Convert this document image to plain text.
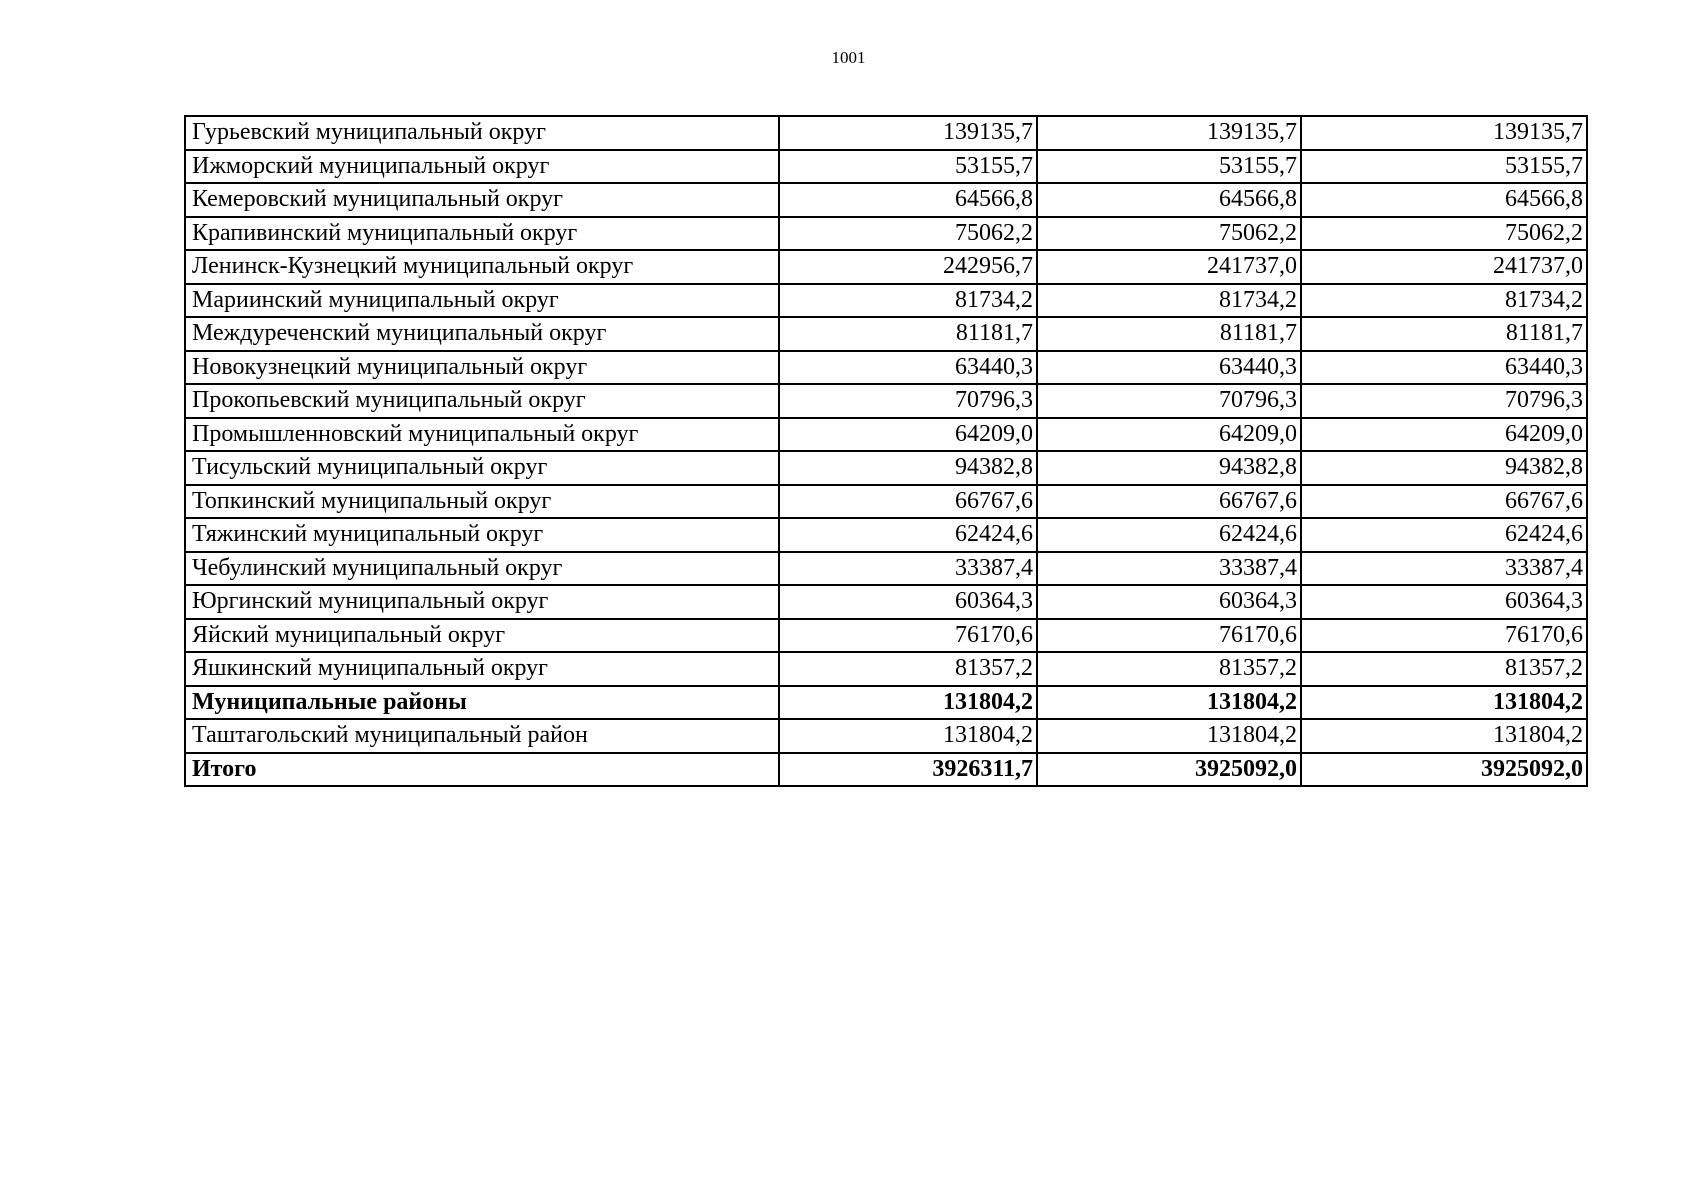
1001
Гурьевский муниципальный округ	139135,7	139135,7	139135,7
Ижморский муниципальный округ	53155,7	53155,7	53155,7
Кемеровский муниципальный округ	64566,8	64566,8	64566,8
Крапивинский муниципальный округ	75062,2	75062,2	75062,2
Ленинск-Кузнецкий муниципальный округ	242956,7	241737,0	241737,0
Мариинский муниципальный округ	81734,2	81734,2	81734,2
Междуреченский муниципальный округ	81181,7	81181,7	81181,7
Новокузнецкий муниципальный округ	63440,3	63440,3	63440,3
Прокопьевский муниципальный округ	70796,3	70796,3	70796,3
Промышленновский муниципальный округ	64209,0	64209,0	64209,0
Тисульский муниципальный округ	94382,8	94382,8	94382,8
Топкинский муниципальный округ	66767,6	66767,6	66767,6
Тяжинский муниципальный округ	62424,6	62424,6	62424,6
Чебулинский муниципальный округ	33387,4	33387,4	33387,4
Юргинский муниципальный округ	60364,3	60364,3	60364,3
Яйский муниципальный округ	76170,6	76170,6	76170,6
Яшкинский муниципальный округ	81357,2	81357,2	81357,2
Муниципальные районы	131804,2	131804,2	131804,2
Таштагольский муниципальный район	131804,2	131804,2	131804,2
Итого	3926311,7	3925092,0	3925092,0
